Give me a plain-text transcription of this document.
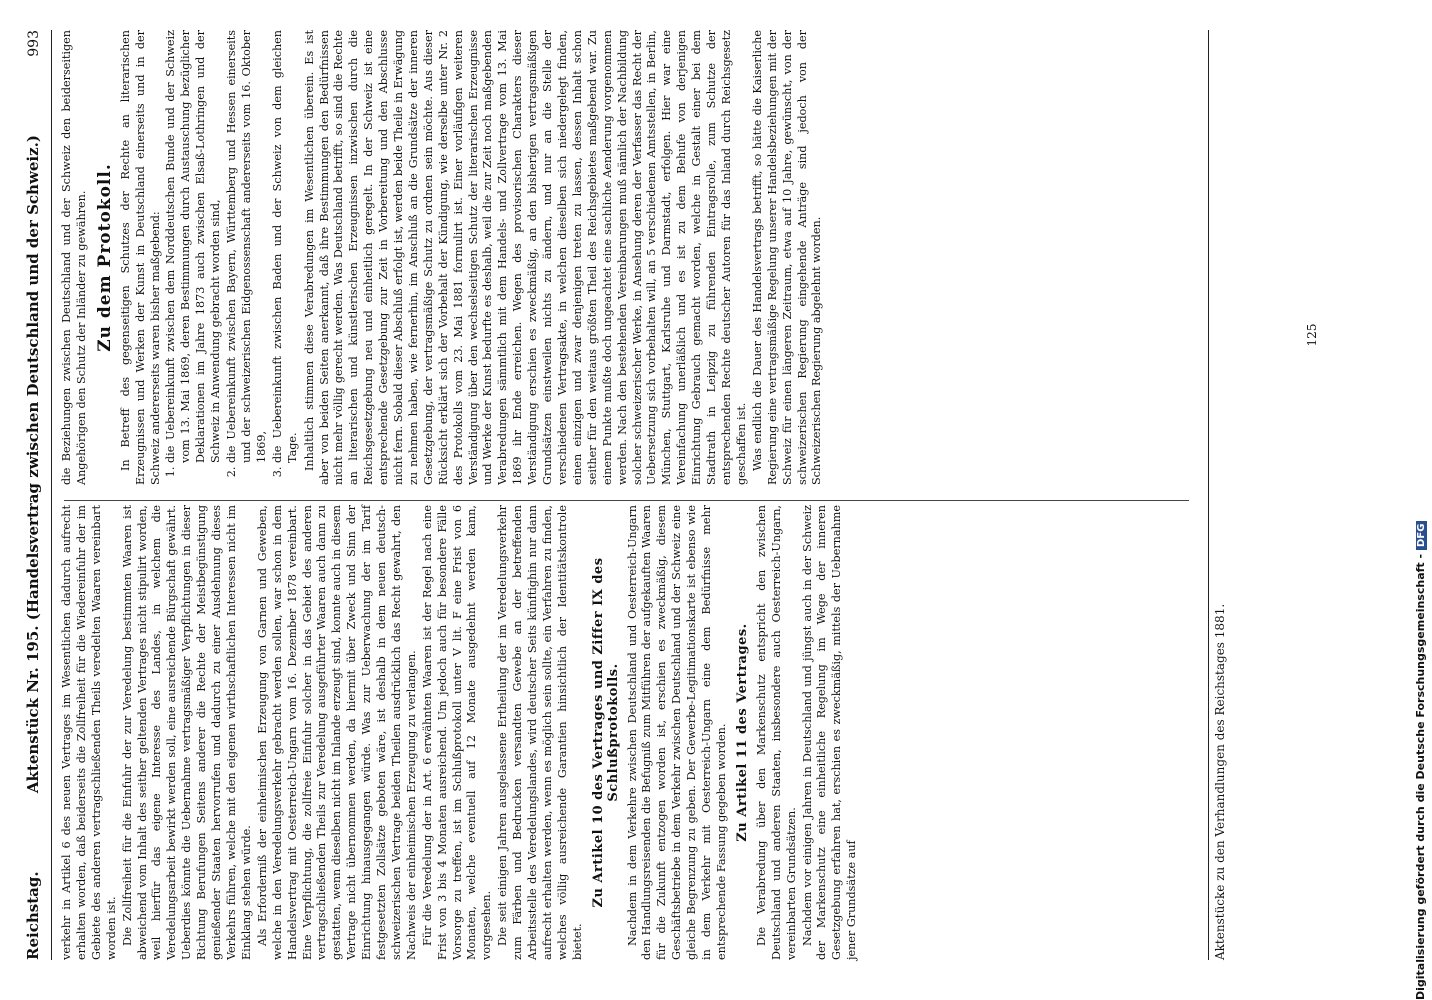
Reichstag.
Aktenstück Nr. 195. (Handelsvertrag zwischen Deutschland und der Schweiz.)
993

verkehr in Artikel 6 des neuen Vertrages im Wesentlichen dadurch aufrecht erhalten worden, daß beiderseits die Zollfreiheit für die Wiedereinfuhr der im Gebiete des anderen vertragschließenden Theils veredelten Waaren vereinbart worden ist. Die Zollfreiheit für die Einfuhr der zur Veredelung bestimmten Waaren ist abweichend vom Inhalt des seither geltenden Vertrages nicht stipulirt worden, weil hierfür das eigene Interesse des Landes, in welchem die Veredelungsarbeit bewirkt werden soll, eine ausreichende Bürgschaft gewährt. Ueberdies könnte die Uebernahme vertragsmäßiger Verpflichtungen in dieser Richtung Berufungen Seitens anderer die Rechte der Meistbegünstigung genießender Staaten hervorrufen und dadurch zu einer Ausdehnung dieses Verkehrs führen, welche mit den eigenen wirthschaftlichen Interessen nicht im Einklang stehen würde. Als Erforderniß der einheimischen Erzeugung von Garnen und Geweben, welche in den Veredelungsverkehr gebracht werden sollen, war schon in dem Handelsvertrag mit Oesterreich-Ungarn vom 16. Dezember 1878 vereinbart. Eine Verpflichtung, die zollfreie Einfuhr solcher in das Gebiet des anderen vertragschließenden Theils zur Veredelung ausgeführter Waaren auch dann zu gestatten, wenn dieselben nicht im Inlande erzeugt sind, konnte auch in diesem Vertrage nicht übernommen werden, da hiermit über Zweck und Sinn der Einrichtung hinausgegangen würde. Was zur Ueberwachung der im Tarif festgesetzten Zollsätze geboten wäre, ist deshalb in dem neuen deutsch-schweizerischen Vertrage beiden Theilen ausdrücklich das Recht gewahrt, den Nachweis der einheimischen Erzeugung zu verlangen. Für die Veredelung der in Art. 6 erwähnten Waaren ist der Regel nach eine Frist von 3 bis 4 Monaten ausreichend. Um jedoch auch für besondere Fälle Vorsorge zu treffen, ist im Schlußprotokoll unter V lit. F eine Frist von 6 Monaten, welche eventuell auf 12 Monate ausgedehnt werden kann, vorgesehen. Die seit einigen Jahren ausgelassene Ertheilung der im Veredelungsverkehr zum Färben und Bedrucken versandten Gewebe an der betreffenden Arbeitsstelle des Veredelungslandes, wird deutscher Seits künftighin nur dann aufrecht erhalten werden, wenn es möglich sein sollte, ein Verfahren zu finden, welches völlig ausreichende Garantien hinsichtlich der Identitätskontrole bietet.

Zu Artikel 10 des Vertrages und Ziffer IX des Schlußprotokolls. Nachdem in dem Verkehre zwischen Deutschland und Oesterreich-Ungarn den Handlungsreisenden die Befugniß zum Mitführen der aufgekauften Waaren für die Zukunft entzogen worden ist, erschien es zweckmäßig, diesem Geschäftsbetriebe in dem Verkehr zwischen Deutschland und der Schweiz eine gleiche Begrenzung zu geben. Der Gewerbe-Legitimationskarte ist ebenso wie in dem Verkehr mit Oesterreich-Ungarn eine dem Bedürfnisse mehr entsprechende Fassung gegeben worden. Zu Artikel 11 des Vertrages. Die Verabredung über den Markenschutz entspricht den zwischen Deutschland und anderen Staaten, insbesondere auch Oesterreich-Ungarn, vereinbarten Grundsätzen. Nachdem vor einigen Jahren in Deutschland und jüngst auch in der Schweiz der Markenschutz eine einheitliche Regelung im Wege der inneren Gesetzgebung erfahren hat, erschien es zweckmäßig, mittels der Uebernahme jener Grundsätze auf

die Beziehungen zwischen Deutschland und der Schweiz den beiderseitigen Angehörigen den Schutz der Inländer zu gewähren. Zu dem Protokoll. In Betreff des gegenseitigen Schutzes der Rechte an literarischen Erzeugnissen und Werken der Kunst in Deutschland einerseits und in der Schweiz andererseits waren bisher maßgebend: 1. die Uebereinkunft zwischen dem Norddeutschen Bunde und der Schweiz vom 13. Mai 1869, deren Bestimmungen durch Austauschung bezüglicher Deklarationen im Jahre 1873 auch zwischen Elsaß-Lothringen und der Schweiz in Anwendung gebracht worden sind, 2. die Uebereinkunft zwischen Bayern, Württemberg und Hessen einerseits und der schweizerischen Eidgenossenschaft andererseits vom 16. Oktober 1869, 3. die Uebereinkunft zwischen Baden und der Schweiz von dem gleichen Tage. Inhaltlich stimmen diese Verabredungen im Wesentlichen überein. Es ist aber von beiden Seiten anerkannt, daß ihre Bestimmungen den Bedürfnissen nicht mehr völlig gerecht werden. Was Deutschland betrifft, so sind die Rechte an literarischen und künstlerischen Erzeugnissen inzwischen durch die Reichsgesetzgebung neu und einheitlich geregelt. In der Schweiz ist eine entsprechende Gesetzgebung zur Zeit in Vorbereitung und den Abschlusse nicht fern. Sobald dieser Abschluß erfolgt ist, werden beide Theile in Erwägung zu nehmen haben, wie fernerhin, im Anschluß an die Grundsätze der inneren Gesetzgebung, der vertragsmäßige Schutz zu ordnen sein möchte. Aus dieser Rücksicht erklärt sich der Vorbehalt der Kündigung, wie derselbe unter Nr. 2 des Protokolls vom 23. Mai 1881 formulirt ist. Einer vorläufigen weiteren Verständigung über den wechselseitigen Schutz der literarischen Erzeugnisse und Werke der Kunst bedurfte es deshalb, weil die zur Zeit noch maßgebenden Verabredungen sämmtlich mit dem Handels- und Zollvertrage vom 13. Mai 1869 ihr Ende erreichen. Wegen des provisorischen Charakters dieser Verständigung erschien es zweckmäßig, an den bisherigen vertragsmäßigen Grundsätzen einstweilen nichts zu ändern, und nur an die Stelle der verschiedenen Vertragsakte, in welchen dieselben sich niedergelegt finden, einen einzigen und zwar denjenigen treten zu lassen, dessen Inhalt schon seither für den weitaus größten Theil des Reichsgebietes maßgebend war. Zu einem Punkte mußte doch ungeachtet eine sachliche Aenderung vorgenommen werden. Nach den bestehenden Vereinbarungen muß nämlich der Nachbildung solcher schweizerischer Werke, in Ansehung deren der Verfasser das Recht der Uebersetzung sich vorbehalten will, an 5 verschiedenen Amtsstellen, in Berlin, München, Stuttgart, Karlsruhe und Darmstadt, erfolgen. Hier war eine Vereinfachung unerläßlich und es ist zu dem Behufe von derjenigen Einrichtung Gebrauch gemacht worden, welche in Gestalt einer bei dem Stadtrath in Leipzig zu führenden Eintragsrolle, zum Schutze der entsprechenden Rechte deutscher Autoren für das Inland durch Reichsgesetz geschaffen ist. Was endlich die Dauer des Handelsvertrags betrifft, so hätte die Kaiserliche Regierung eine vertragsmäßige Regelung unserer Handelsbeziehungen mit der Schweiz für einen längeren Zeitraum, etwa auf 10 Jahre, gewünscht, von der schweizerischen Regierung eingehende Anträge sind jedoch von der Schweizerischen Regierung abgelehnt worden.

Aktenstücke zu den Verhandlungen des Reichstages 1881.
125
Digitalisierung gefördert durch die Deutsche Forschungsgemeinschaft -DFG
